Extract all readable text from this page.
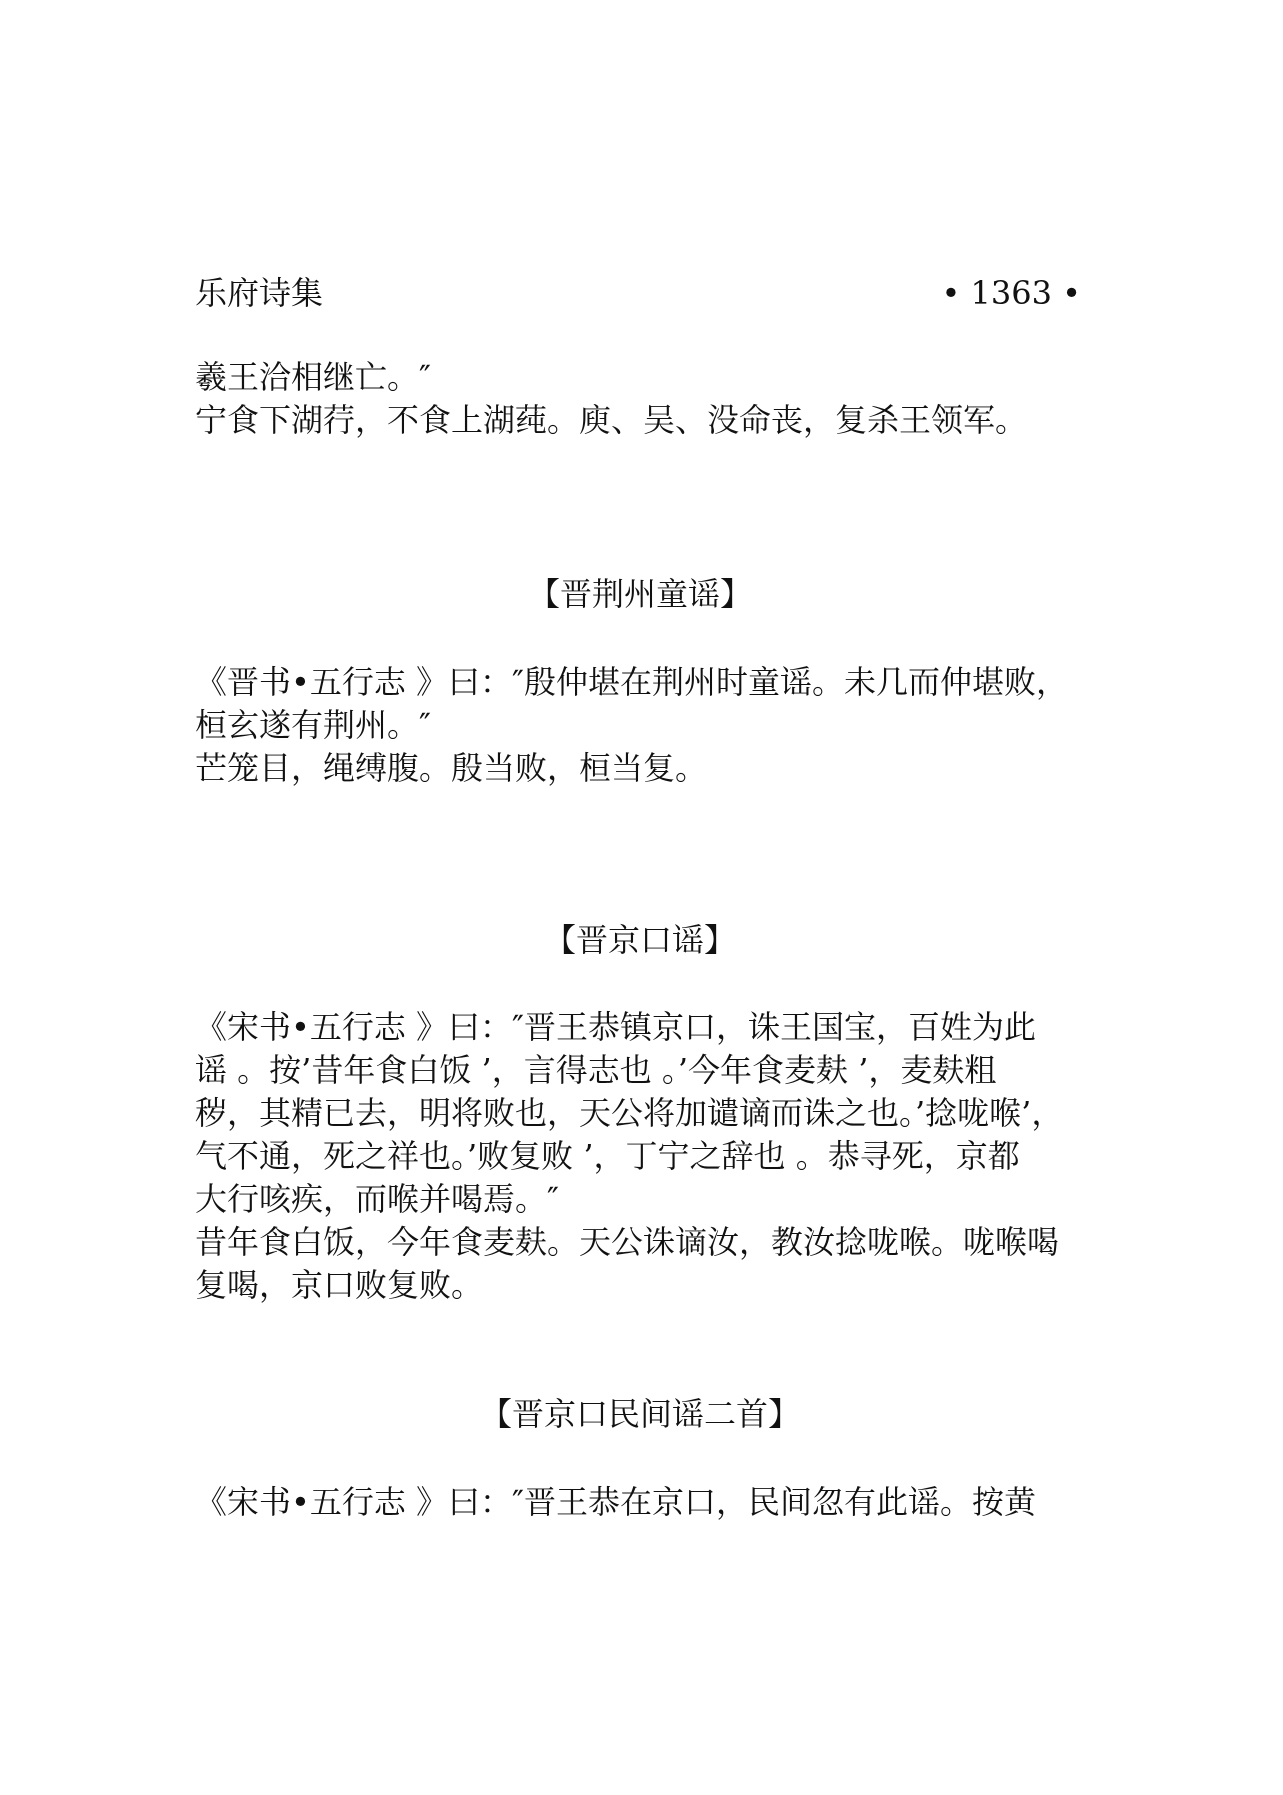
乐府诗集	• 1363 •
羲王洽相继亡。″
宁食下湖荇，不食上湖莼。庾、吴、没命丧，复杀王领军。
【晋荆州童谣】
《晋书•五行志 》曰：″殷仲堪在荆州时童谣。未几而仲堪败，
桓玄遂有荆州。″
芒笼目，绳缚腹。殷当败，桓当复。
【晋京口谣】
《宋书•五行志 》曰：″晋王恭镇京口，诛王国宝，百姓为此
谣 。按’昔年食白饭 ’，言得志也 。’今年食麦麸 ’，麦麸粗
秽，其精已去，明将败也，天公将加谴谪而诛之也。’捻咙喉’，
气不通，死之祥也。’败复败 ’，丁宁之辞也 。恭寻死，京都
大行咳疾，而喉并喝焉。″
昔年食白饭，今年食麦麸。天公诛谪汝，教汝捻咙喉。咙喉喝
复喝，京口败复败。
【晋京口民间谣二首】
《宋书•五行志 》曰：″晋王恭在京口，民间忽有此谣。按黄
